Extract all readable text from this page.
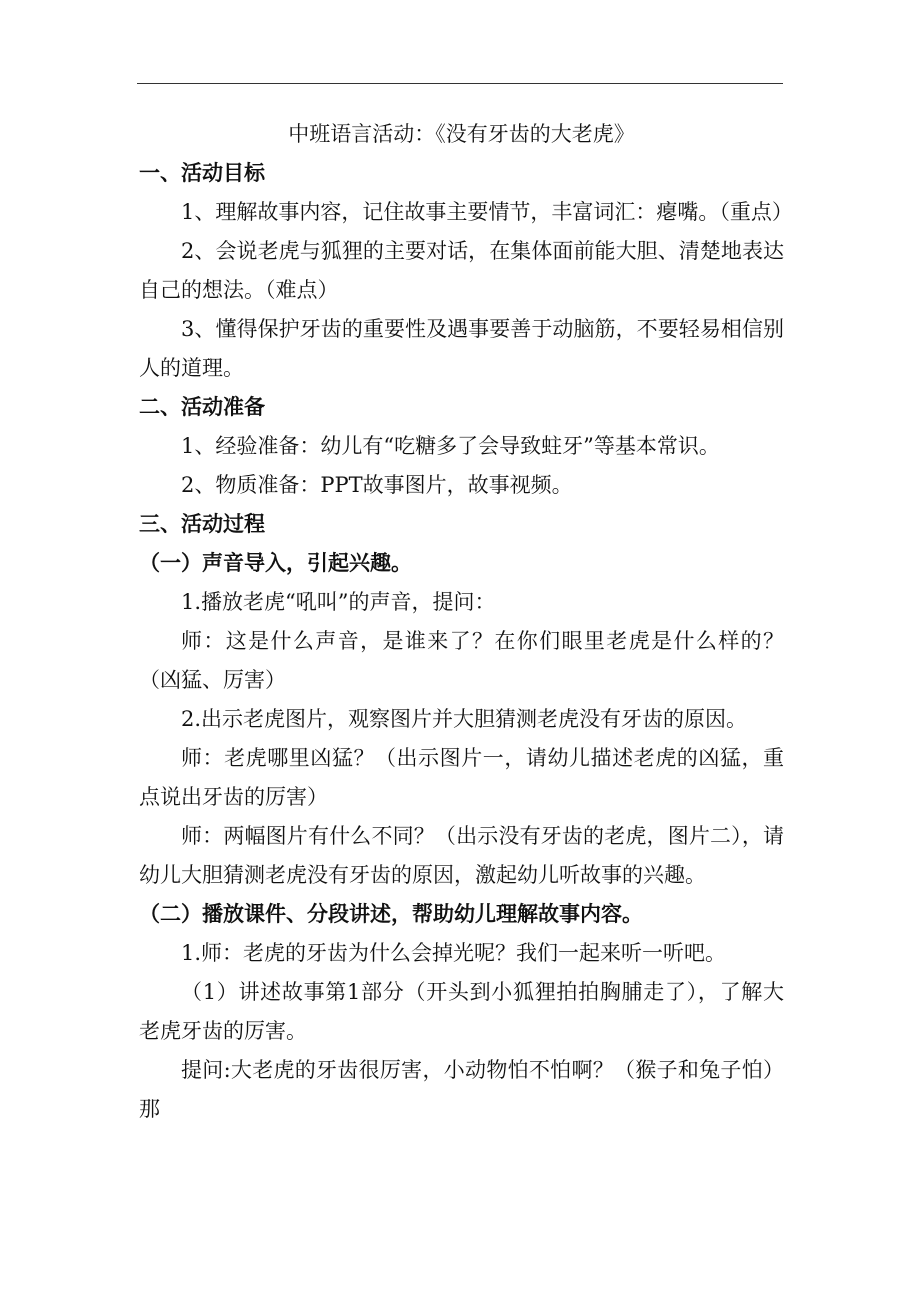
中班语言活动：《没有牙齿的大老虎》

一、活动目标

1、理解故事内容，记住故事主要情节，丰富词汇：瘪嘴。（重点）

2、会说老虎与狐狸的主要对话，在集体面前能大胆、清楚地表达自己的想法。（难点）

3、懂得保护牙齿的重要性及遇事要善于动脑筋，不要轻易相信别人的道理。

二、活动准备

1、经验准备：幼儿有“吃糖多了会导致蛀牙”等基本常识。

2、物质准备：PPT故事图片，故事视频。

三、活动过程

（一）声音导入，引起兴趣。

1.播放老虎“吼叫”的声音，提问：

师：这是什么声音，是谁来了？在你们眼里老虎是什么样的？（凶猛、厉害）

2.出示老虎图片，观察图片并大胆猜测老虎没有牙齿的原因。

师：老虎哪里凶猛？（出示图片一，请幼儿描述老虎的凶猛，重点说出牙齿的厉害）

师：两幅图片有什么不同？（出示没有牙齿的老虎，图片二），请幼儿大胆猜测老虎没有牙齿的原因，激起幼儿听故事的兴趣。

（二）播放课件、分段讲述，帮助幼儿理解故事内容。

1.师：老虎的牙齿为什么会掉光呢？我们一起来听一听吧。

（1）讲述故事第1部分（开头到小狐狸拍拍胸脯走了），了解大老虎牙齿的厉害。

提问:大老虎的牙齿很厉害，小动物怕不怕啊？（猴子和兔子怕）那
